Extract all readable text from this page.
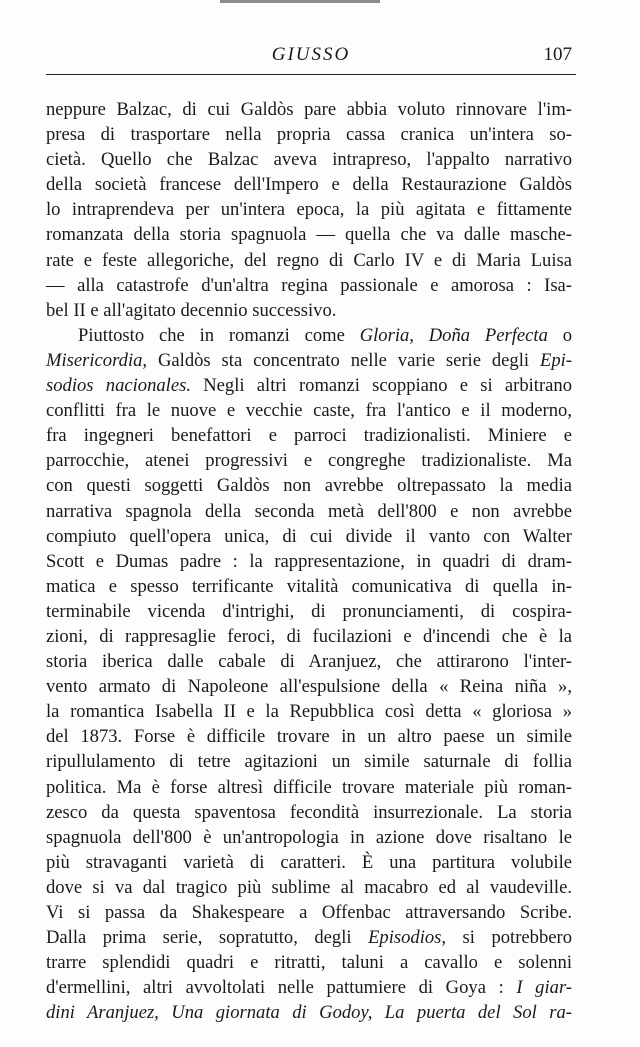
GIUSSO	107
neppure Balzac, di cui Galdòs pare abbia voluto rinnovare l'im-
presa di trasportare nella propria cassa cranica un'intera so-
cietà. Quello che Balzac aveva intrapreso, l'appalto narrativo
della società francese dell'Impero e della Restaurazione Galdòs
lo intraprendeva per un'intera epoca, la più agitata e fittamente
romanzata della storia spagnuola — quella che va dalle masche-
rate e feste allegoriche, del regno di Carlo IV e di Maria Luisa
— alla catastrofe d'un'altra regina passionale e amorosa : Isa-
bel II e all'agitato decennio successivo.
Piuttosto che in romanzi come Gloria, Doña Perfecta o
Misericordia, Galdòs sta concentrato nelle varie serie degli Epi-
sodios nacionales. Negli altri romanzi scoppiano e si arbitrano
conflitti fra le nuove e vecchie caste, fra l'antico e il moderno,
fra ingegneri benefattori e parroci tradizionalisti. Miniere e
parrocchie, atenei progressivi e congreghe tradizionaliste. Ma
con questi soggetti Galdòs non avrebbe oltrepassato la media
narrativa spagnola della seconda metà dell'800 e non avrebbe
compiuto quell'opera unica, di cui divide il vanto con Walter
Scott e Dumas padre : la rappresentazione, in quadri di dram-
matica e spesso terrificante vitalità comunicativa di quella in-
terminabile vicenda d'intrighi, di pronunciamenti, di cospira-
zioni, di rappresaglie feroci, di fucilazioni e d'incendi che è la
storia iberica dalle cabale di Aranjuez, che attirarono l'inter-
vento armato di Napoleone all'espulsione della « Reina niña »,
la romantica Isabella II e la Repubblica così detta « gloriosa »
del 1873. Forse è difficile trovare in un altro paese un simile
ripullulamento di tetre agitazioni un simile saturnale di follia
politica. Ma è forse altresì difficile trovare materiale più roman-
zesco da questa spaventosa fecondità insurrezionale. La storia
spagnuola dell'800 è un'antropologia in azione dove risaltano le
più stravaganti varietà di caratteri. È una partitura volubile
dove si va dal tragico più sublime al macabro ed al vaudeville.
Vi si passa da Shakespeare a Offenbac attraversando Scribe.
Dalla prima serie, sopratutto, degli Episodios, si potrebbero
trarre splendidi quadri e ritratti, taluni a cavallo e solenni
d'ermellini, altri avvoltolati nelle pattumiere di Goya : I giar-
dini Aranjuez, Una giornata di Godoy, La puerta del Sol ra-
